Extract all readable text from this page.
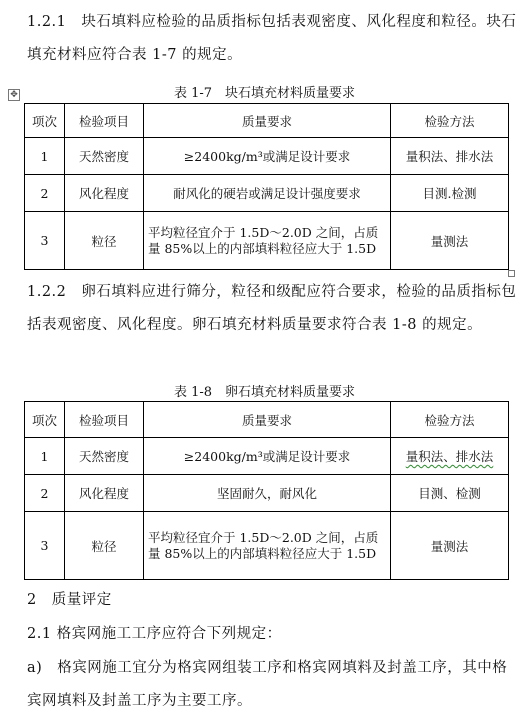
✥
1.2.1　块石填料应检验的品质指标包括表观密度、风化程度和粒径。块石填充材料应符合表 1-7 的规定。
表 1-7　块石填充材料质量要求
项次	检验项目	质量要求	检验方法
1	天然密度	≥2400kg/m³或满足设计要求	量积法、排水法
2	风化程度	耐风化的硬岩或满足设计强度要求	目测.检测
3	粒径	平均粒径宜介于 1.5D～2.0D 之间，占质量 85%以上的内部填料粒径应大于 1.5D	量测法
1.2.2　卵石填料应进行筛分，粒径和级配应符合要求，检验的品质指标包括表观密度、风化程度。卵石填充材料质量要求符合表 1-8 的规定。
表 1-8　卵石填充材料质量要求
项次	检验项目	质量要求	检验方法
1	天然密度	≥2400kg/m³或满足设计要求	量积法、排水法
2	风化程度	坚固耐久，耐风化	目测、检测
3	粒径	平均粒径宜介于 1.5D～2.0D 之间，占质量 85%以上的内部填料粒径应大于 1.5D	量测法
2　质量评定
2.1 格宾网施工工序应符合下列规定：
a)　格宾网施工宜分为格宾网组装工序和格宾网填料及封盖工序，其中格宾网填料及封盖工序为主要工序。
